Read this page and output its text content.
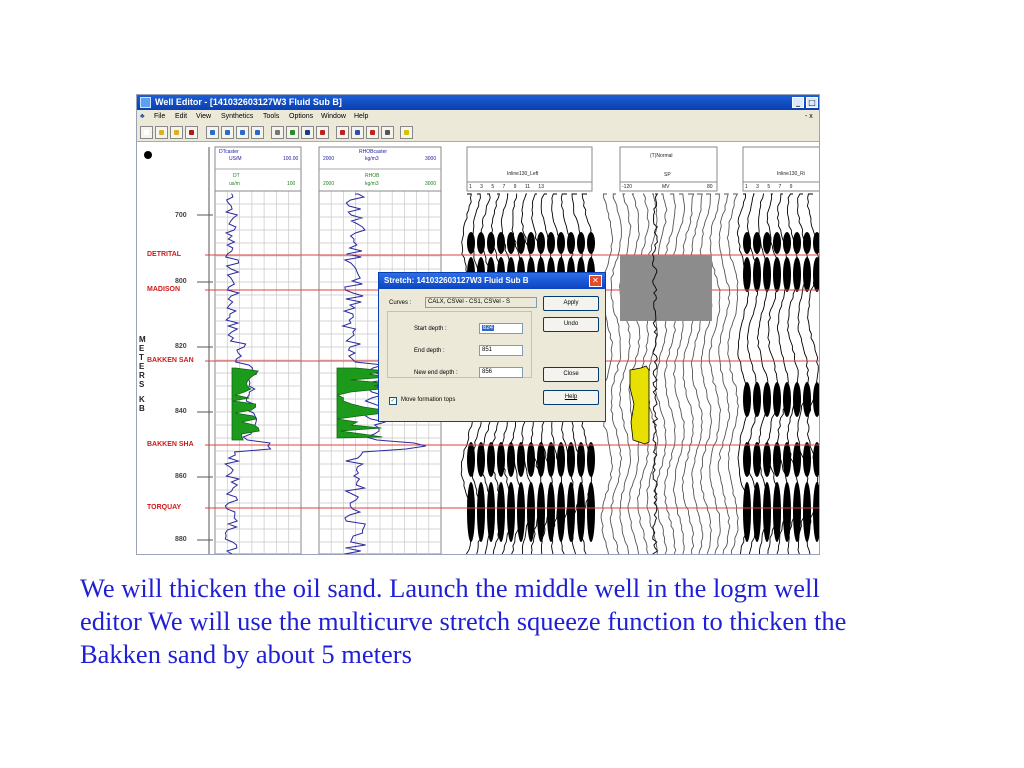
Well Editor - [141032603127W3 Fluid Sub B]	_	□
♣ File Edit View Synthetics Tools Options Window Help	- x
700
800
820
840
860
880
DETRITAL
MADISON
BAKKEN SAN
BAKKEN SHA
TORQUAY
M
E
T
E
R
S
K
B
DTcaster
US/M	100.00
DT
us/m	100
RHOBcaster
2000	kg/m3	3000
RHOB
2000	kg/m3	3000
Inline130_Left
1 3 5 7 9 11 13
(T)Normal
SP
-120	MV	80
Inline130_Ri
1 3 5 7 9
Stretch: 141032603127W3 Fluid Sub B	✕
Curves :	CALX, CSVel - CS1, CSVel - S
Start depth :	824
End depth :	851
New end depth :	856
✓ Move formation tops
Apply
Undo
Close
Help
We will thicken the oil sand. Launch the middle well in the logm well editor We will use the multicurve stretch squeeze function to thicken the Bakken sand by about 5 meters
